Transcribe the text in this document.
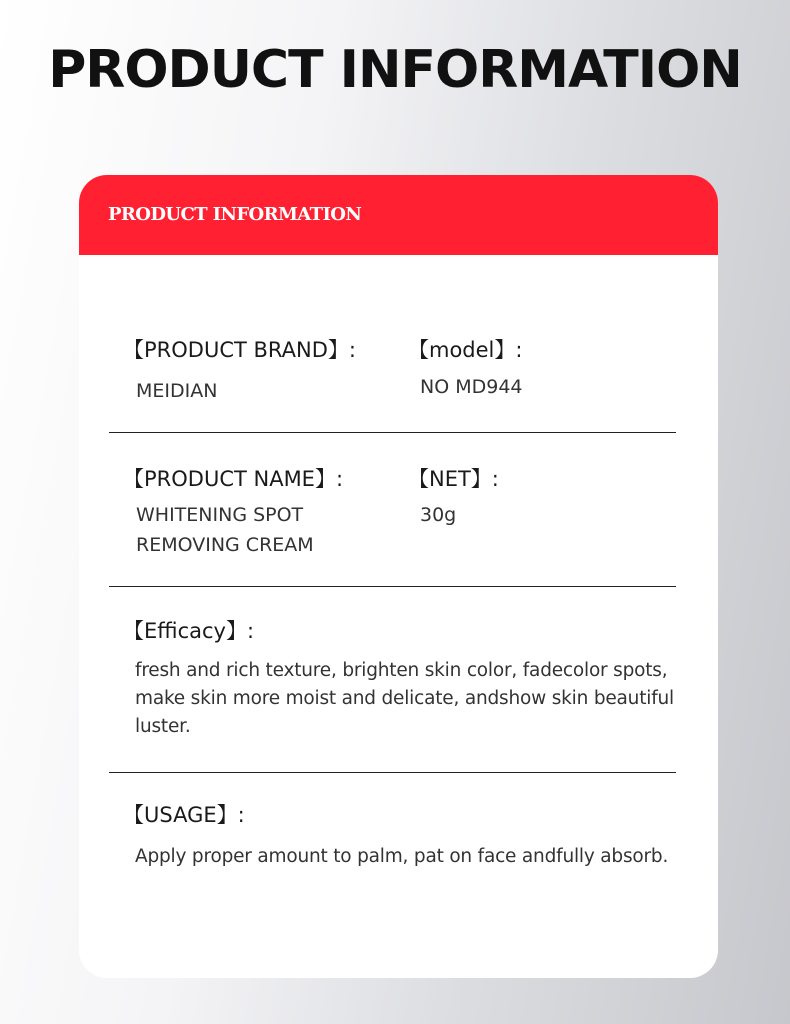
PRODUCT INFORMATION
PRODUCT INFORMATION
【PRODUCT BRAND】:
MEIDIAN
【model】:
NO MD944
【PRODUCT NAME】:
WHITENING SPOT
REMOVING CREAM
【NET】:
30g
【Efficacy】:
fresh and rich texture, brighten skin color, fadecolor spots, make skin more moist and delicate, andshow skin beautiful luster.
【USAGE】:
Apply proper amount to palm, pat on face andfully absorb.
